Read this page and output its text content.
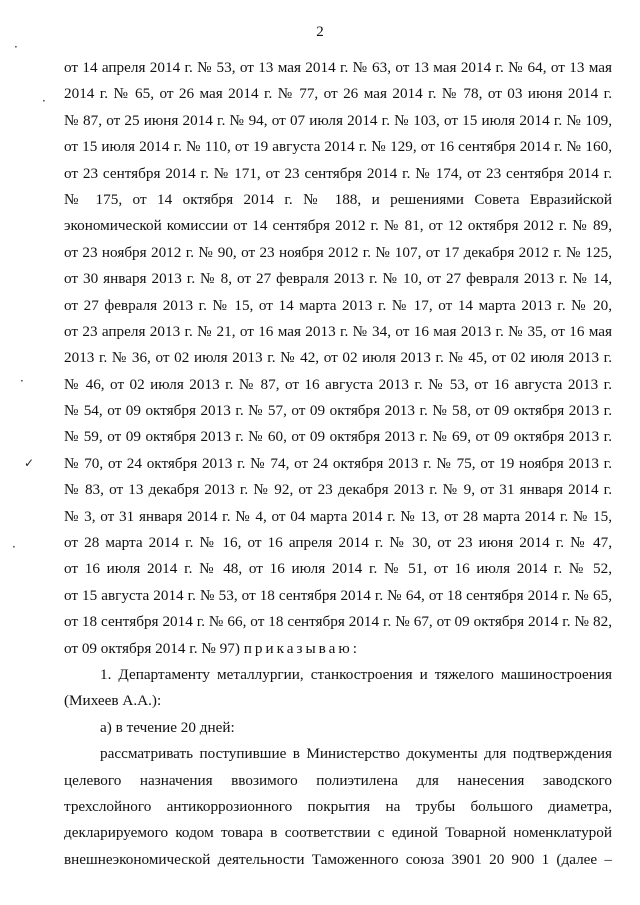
2
·
·
·
✓
·
от 14 апреля 2014 г. № 53, от 13 мая 2014 г. № 63, от 13 мая 2014 г. № 64, от 13 мая
2014 г. № 65, от 26 мая 2014 г. № 77, от 26 мая 2014 г. № 78, от 03 июня 2014 г.
№ 87, от 25 июня 2014 г. № 94, от 07 июля 2014 г. № 103, от 15 июля 2014 г. № 109,
от 15 июля 2014 г. № 110, от 19 августа 2014 г. № 129, от 16 сентября 2014 г. № 160,
от 23 сентября 2014 г. № 171, от 23 сентября 2014 г. № 174, от 23 сентября 2014 г.
№ 175, от 14 октября 2014 г. № 188, и решениями Совета Евразийской
экономической комиссии от 14 сентября 2012 г. № 81, от 12 октября 2012 г. № 89,
от 23 ноября 2012 г. № 90, от 23 ноября 2012 г. № 107, от 17 декабря 2012 г. № 125,
от 30 января 2013 г. № 8, от 27 февраля 2013 г. № 10, от 27 февраля 2013 г. № 14,
от 27 февраля 2013 г. № 15, от 14 марта 2013 г. № 17, от 14 марта 2013 г. № 20,
от 23 апреля 2013 г. № 21, от 16 мая 2013 г. № 34, от 16 мая 2013 г. № 35, от 16 мая
2013 г. № 36, от 02 июля 2013 г. № 42, от 02 июля 2013 г. № 45, от 02 июля 2013 г.
№ 46, от 02 июля 2013 г. № 87, от 16 августа 2013 г. № 53, от 16 августа 2013 г.
№ 54, от 09 октября 2013 г. № 57, от 09 октября 2013 г. № 58, от 09 октября 2013 г.
№ 59, от 09 октября 2013 г. № 60, от 09 октября 2013 г. № 69, от 09 октября 2013 г.
№ 70, от 24 октября 2013 г. № 74, от 24 октября 2013 г. № 75, от 19 ноября 2013 г.
№ 83, от 13 декабря 2013 г. № 92, от 23 декабря 2013 г. № 9, от 31 января 2014 г.
№ 3, от 31 января 2014 г. № 4, от 04 марта 2014 г. № 13, от 28 марта 2014 г. № 15,
от 28 марта 2014 г. № 16, от 16 апреля 2014 г. № 30, от 23 июня 2014 г. № 47,
от 16 июля 2014 г. № 48, от 16 июля 2014 г. № 51, от 16 июля 2014 г. № 52,
от 15 августа 2014 г. № 53, от 18 сентября 2014 г. № 64, от 18 сентября 2014 г. № 65,
от 18 сентября 2014 г. № 66, от 18 сентября 2014 г. № 67, от 09 октября 2014 г. № 82,
от 09 октября 2014 г. № 97) приказываю:
1. Департаменту металлургии, станкостроения и тяжелого машиностроения
(Михеев А.А.):
а) в течение 20 дней:
рассматривать поступившие в Министерство документы для подтверждения
целевого назначения ввозимого полиэтилена для нанесения заводского
трехслойного антикоррозионного покрытия на трубы большого диаметра,
декларируемого кодом товара в соответствии с единой Товарной номенклатурой
внешнеэкономической деятельности Таможенного союза 3901 20 900 1 (далее –
